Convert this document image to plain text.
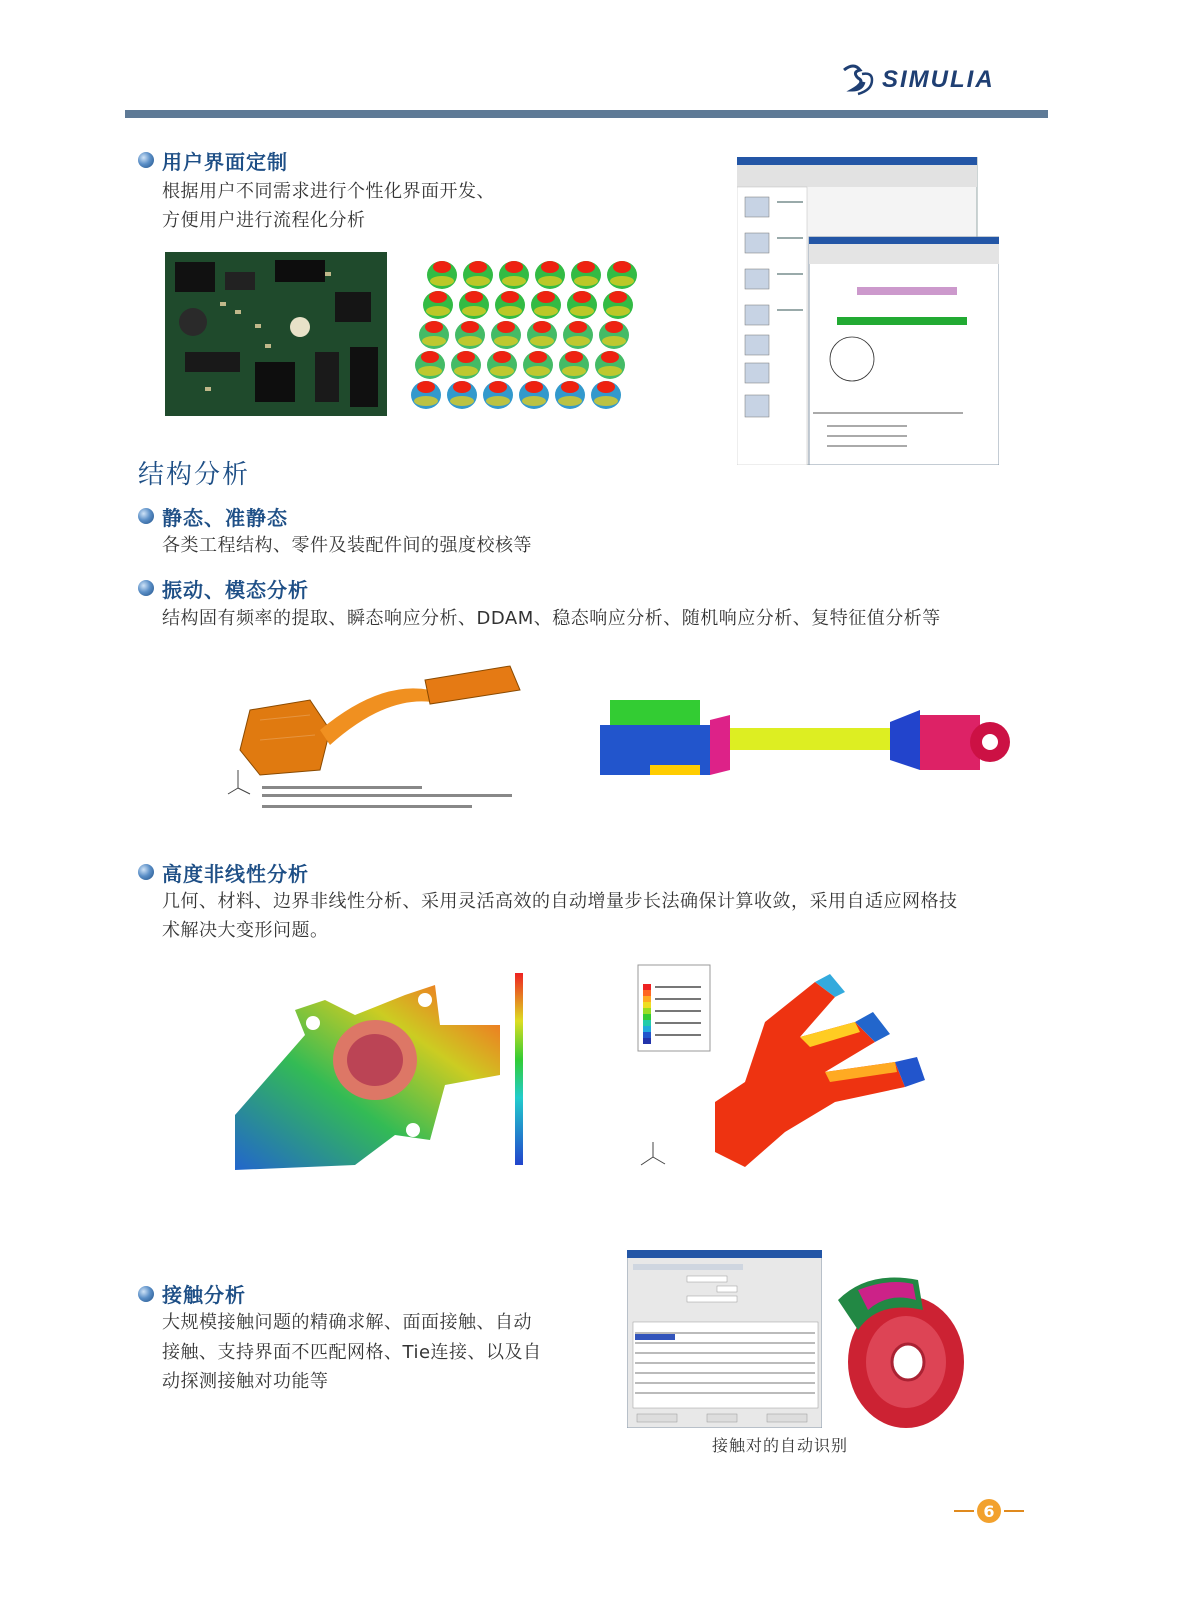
SIMULIA
用户界面定制
根据用户不同需求进行个性化界面开发、
方便用户进行流程化分析
结构分析
静态、准静态
各类工程结构、零件及装配件间的强度校核等
振动、模态分析
结构固有频率的提取、瞬态响应分析、DDAM、稳态响应分析、随机响应分析、复特征值分析等
高度非线性分析
几何、材料、边界非线性分析、采用灵活高效的自动增量步长法确保计算收敛，采用自适应网格技
术解决大变形问题。
接触分析
大规模接触问题的精确求解、面面接触、自动
接触、支持界面不匹配网格、Tie连接、以及自
动探测接触对功能等
接触对的自动识别
6
